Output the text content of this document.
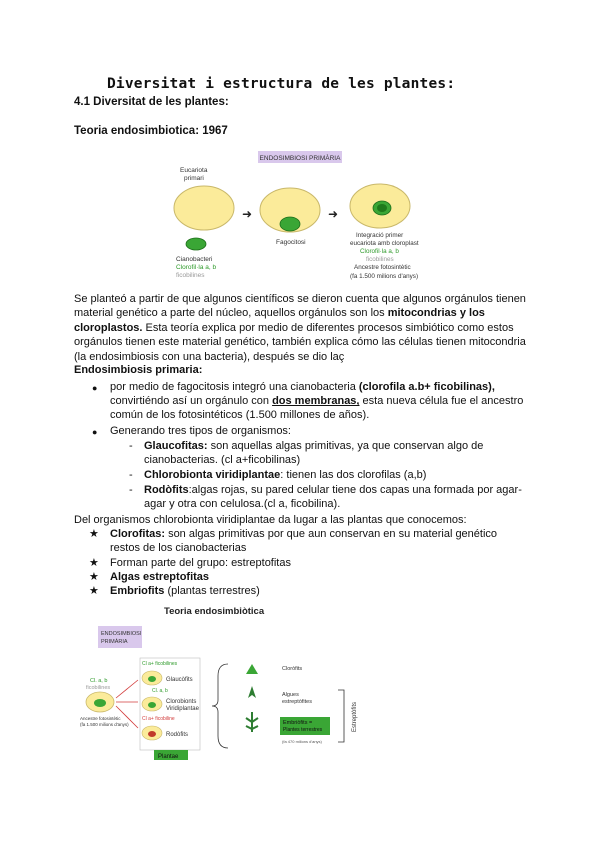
Diversitat i estructura de les plantes:
4.1 Diversitat de les plantes:
Teoria endosimbiotica: 1967
ENDOSIMBIOSI PRIMÀRIA
Eucariota
primari
Cianobacteri
Clorofil·la a, b
ficobilines
➜
Fagocitosi
➜
Integració primer
eucariota amb cloroplast
Clorofil·la a, b
ficobilines
Ancestre fotosintètic
(fa 1.500 milions d'anys)
Se planteó a partir de que algunos científicos se dieron cuenta que algunos orgánulos tienen material genético a parte del núcleo, aquellos orgánulos son los mitocondrias y los cloroplastos. Esta teoría explica por medio de diferentes procesos simbiótico como estos orgánulos tienen este material genético, también explica cómo las células tienen mitocondria (la endosimbiosis con una bacteria), después se dio laç
Endosimbiosis primaria:
● por medio de fagocitosis integró una cianobacteria (clorofila a.b+ ficobilinas), convirtiéndo así un orgánulo con dos membranas, esta nueva célula fue el ancestro común de los fotosintéticos (1.500 millones de años).
● Generando tres tipos de organismos:
- Glaucofitas: son aquellas algas primitivas, ya que conservan algo de cianobacterias. (cl a+ficobilinas)
- Chlorobionta viridiplantae: tienen las dos clorofilas (a,b)
- Rodòfits:algas rojas, su pared celular tiene dos capas una formada por agar-agar y otra con celulosa.(cl a, ficobilina).
Del organismos chlorobionta viridiplantae da lugar a las plantas que conocemos:
★ Clorofitas: son algas primitivas por que aun conservan en su material genético restos de los cianobacterias
★ Forman parte del grupo: estreptofitas
★ Algas estreptofitas
★ Embriofits (plantas terrestres)
Teoria endosimbiòtica
ENDOSIMBIOSI
PRIMÀRIA
Cl. a, b
ficobilines
Ancestre fotosintètic
(fa 1.500 milions d'anys)
Cl a+ ficobilines
Glaucòfits
Cl. a, b
Clorobionts
Viridiplantae
Cl a+ ficobiline
Rodòfits
Plantae
Cloròfits
Algues
estreptòfites
Embriòfits =
Plantes terrestres
(fa 470 milions d'anys)
Estreptòfits
